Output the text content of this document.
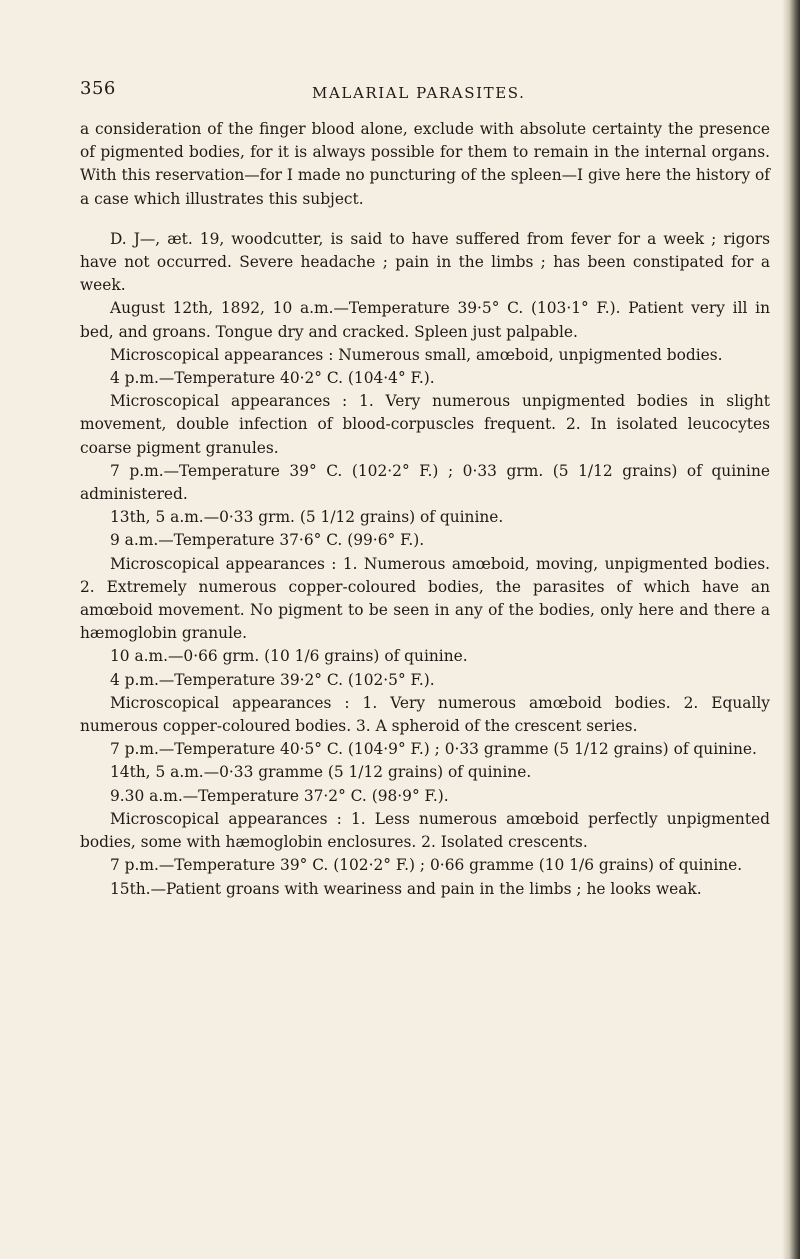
356	MALARIAL PARASITES.

a consideration of the finger blood alone, exclude with absolute certainty the presence of pigmented bodies, for it is always possible for them to remain in the internal organs. With this reservation—for I made no puncturing of the spleen—I give here the history of a case which illustrates this subject.

D. J—, æt. 19, woodcutter, is said to have suffered from fever for a week ; rigors have not occurred. Severe headache ; pain in the limbs ; has been constipated for a week.

August 12th, 1892, 10 a.m.—Temperature 39·5° C. (103·1° F.). Patient very ill in bed, and groans. Tongue dry and cracked. Spleen just palpable.

Microscopical appearances : Numerous small, amœboid, unpigmented bodies.

4 p.m.—Temperature 40·2° C. (104·4° F.).

Microscopical appearances : 1. Very numerous unpigmented bodies in slight movement, double infection of blood-corpuscles frequent. 2. In isolated leucocytes coarse pigment granules.

7 p.m.—Temperature 39° C. (102·2° F.) ; 0·33 grm. (5 1/12 grains) of quinine administered.

13th, 5 a.m.—0·33 grm. (5 1/12 grains) of quinine.

9 a.m.—Temperature 37·6° C. (99·6° F.).

Microscopical appearances : 1. Numerous amœboid, moving, unpigmented bodies. 2. Extremely numerous copper-coloured bodies, the parasites of which have an amœboid movement. No pigment to be seen in any of the bodies, only here and there a hæmoglobin granule.

10 a.m.—0·66 grm. (10 1/6 grains) of quinine.

4 p.m.—Temperature 39·2° C. (102·5° F.).

Microscopical appearances : 1. Very numerous amœboid bodies. 2. Equally numerous copper-coloured bodies. 3. A spheroid of the crescent series.

7 p.m.—Temperature 40·5° C. (104·9° F.) ; 0·33 gramme (5 1/12 grains) of quinine.

14th, 5 a.m.—0·33 gramme (5 1/12 grains) of quinine.

9.30 a.m.—Temperature 37·2° C. (98·9° F.).

Microscopical appearances : 1. Less numerous amœboid perfectly unpigmented bodies, some with hæmoglobin enclosures. 2. Isolated crescents.

7 p.m.—Temperature 39° C. (102·2° F.) ; 0·66 gramme (10 1/6 grains) of quinine.

15th.—Patient groans with weariness and pain in the limbs ; he looks weak.
